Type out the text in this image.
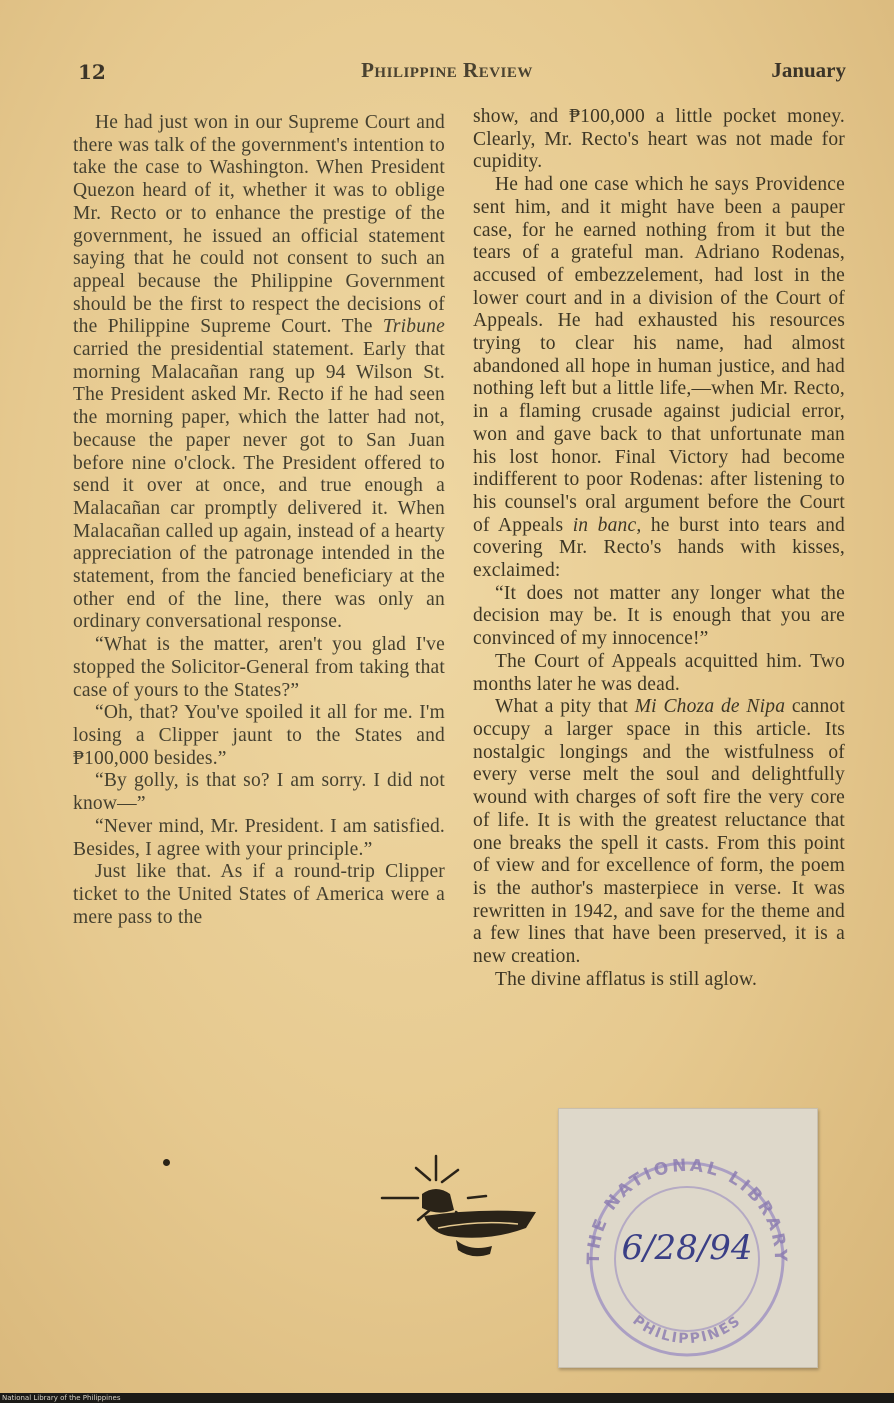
12	Philippine Review	January

He had just won in our Supreme Court and there was talk of the government's intention to take the case to Washington. When President Quezon heard of it, whether it was to oblige Mr. Recto or to enhance the prestige of the government, he issued an official statement saying that he could not consent to such an appeal because the Philippine Government should be the first to respect the decisions of the Philippine Supreme Court. The Tribune carried the presidential statement. Early that morning Malacañan rang up 94 Wilson St. The President asked Mr. Recto if he had seen the morning paper, which the latter had not, because the paper never got to San Juan before nine o'clock. The President offered to send it over at once, and true enough a Malacañan car promptly delivered it. When Malacañan called up again, instead of a hearty appreciation of the patronage intended in the statement, from the fancied beneficiary at the other end of the line, there was only an ordinary conversational response.

“What is the matter, aren't you glad I've stopped the Solicitor-General from taking that case of yours to the States?”

“Oh, that? You've spoiled it all for me. I'm losing a Clipper jaunt to the States and ₱100,000 besides.”

“By golly, is that so? I am sorry. I did not know—”

“Never mind, Mr. President. I am satisfied. Besides, I agree with your principle.”

Just like that. As if a round-trip Clipper ticket to the United States of America were a mere pass to the

show, and ₱100,000 a little pocket money. Clearly, Mr. Recto's heart was not made for cupidity.

He had one case which he says Providence sent him, and it might have been a pauper case, for he earned nothing from it but the tears of a grateful man. Adriano Rodenas, accused of embezzelement, had lost in the lower court and in a division of the Court of Appeals. He had exhausted his resources trying to clear his name, had almost abandoned all hope in human justice, and had nothing left but a little life,—when Mr. Recto, in a flaming crusade against judicial error, won and gave back to that unfortunate man his lost honor. Final Victory had become indifferent to poor Rodenas: after listening to his counsel's oral argument before the Court of Appeals in banc, he burst into tears and covering Mr. Recto's hands with kisses, exclaimed:

“It does not matter any longer what the decision may be. It is enough that you are convinced of my innocence!”

The Court of Appeals acquitted him. Two months later he was dead.

What a pity that Mi Choza de Nipa cannot occupy a larger space in this article. Its nostalgic longings and the wistfulness of every verse melt the soul and delightfully wound with charges of soft fire the very core of life. It is with the greatest reluctance that one breaks the spell it casts. From this point of view and for excellence of form, the poem is the author's masterpiece in verse. It was rewritten in 1942, and save for the theme and a few lines that have been preserved, it is a new creation.

The divine afflatus is still aglow.

THE NATIONAL LIBRARY
PHILIPPINES
6/28/94
National Library of the Philippines
